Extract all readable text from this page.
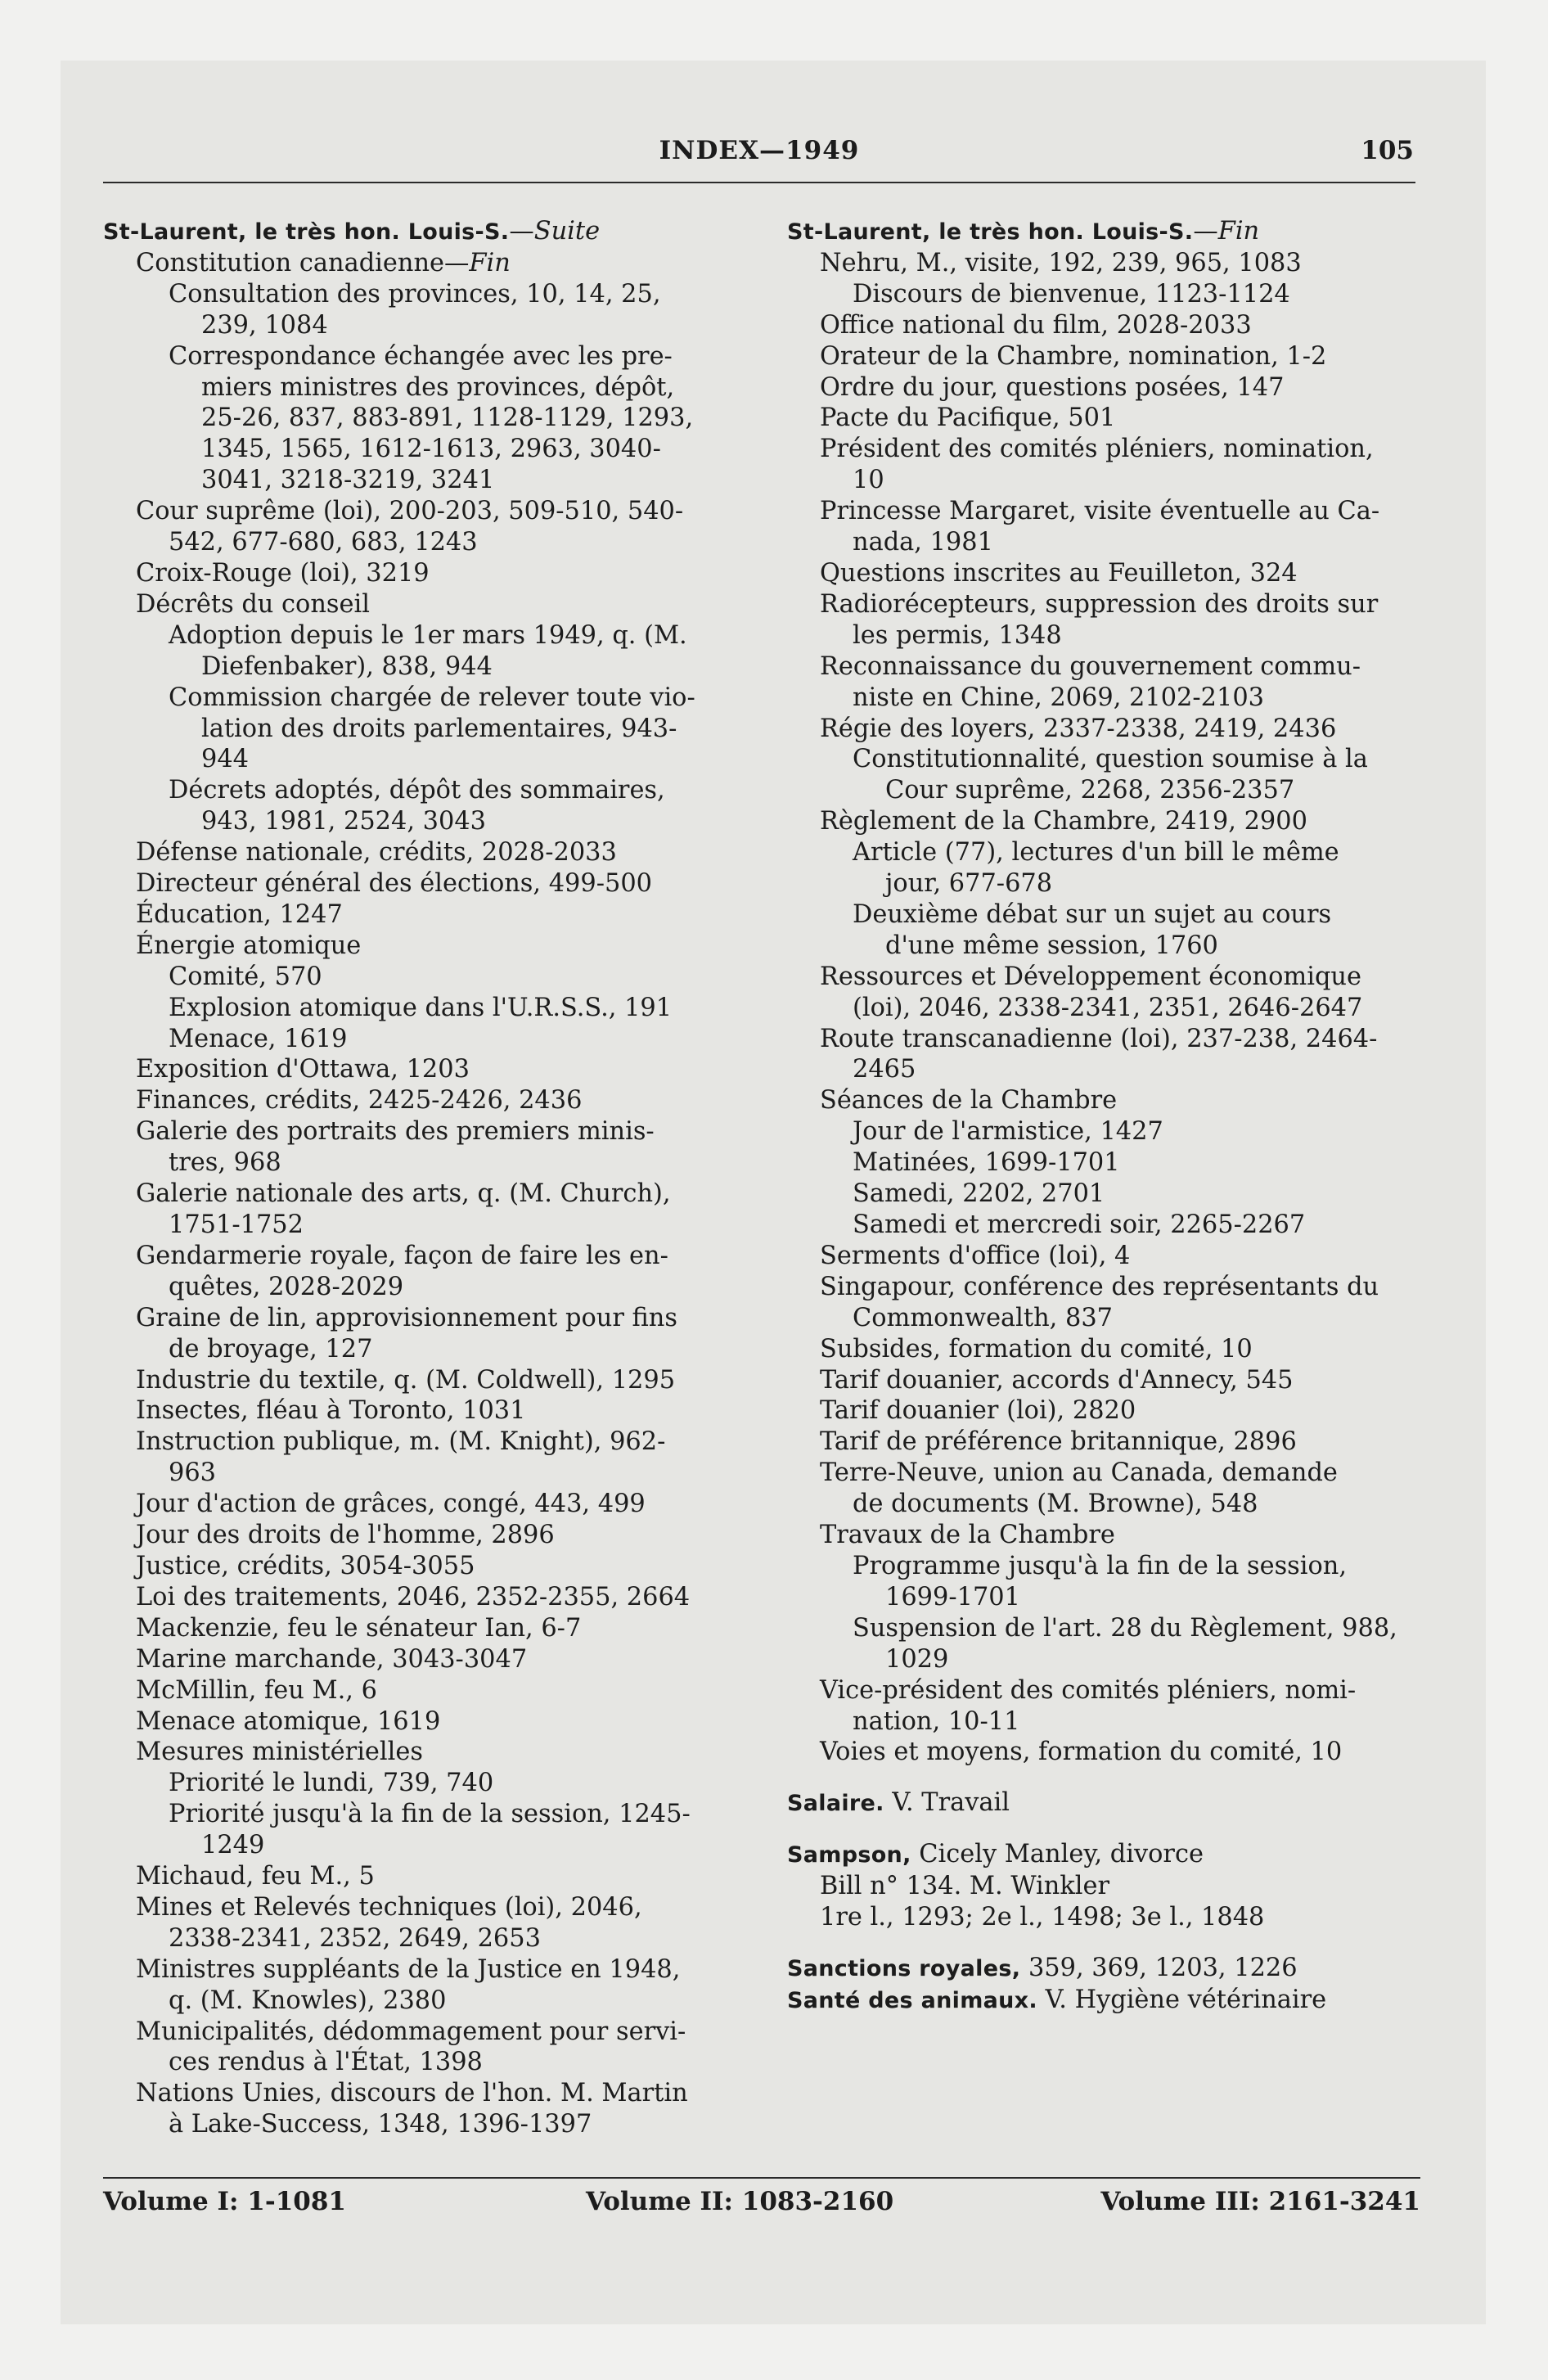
INDEX—1949	105
St-Laurent, le très hon. Louis-S.—Suite
Constitution canadienne—Fin
Consultation des provinces, 10, 14, 25,
239, 1084
Correspondance échangée avec les pre-
miers ministres des provinces, dépôt,
25-26, 837, 883-891, 1128-1129, 1293,
1345, 1565, 1612-1613, 2963, 3040-
3041, 3218-3219, 3241
Cour suprême (loi), 200-203, 509-510, 540-
542, 677-680, 683, 1243
Croix-Rouge (loi), 3219
Décrêts du conseil
Adoption depuis le 1er mars 1949, q. (M.
Diefenbaker), 838, 944
Commission chargée de relever toute vio-
lation des droits parlementaires, 943-
944
Décrets adoptés, dépôt des sommaires,
943, 1981, 2524, 3043
Défense nationale, crédits, 2028-2033
Directeur général des élections, 499-500
Éducation, 1247
Énergie atomique
Comité, 570
Explosion atomique dans l'U.R.S.S., 191
Menace, 1619
Exposition d'Ottawa, 1203
Finances, crédits, 2425-2426, 2436
Galerie des portraits des premiers minis-
tres, 968
Galerie nationale des arts, q. (M. Church),
1751-1752
Gendarmerie royale, façon de faire les en-
quêtes, 2028-2029
Graine de lin, approvisionnement pour fins
de broyage, 127
Industrie du textile, q. (M. Coldwell), 1295
Insectes, fléau à Toronto, 1031
Instruction publique, m. (M. Knight), 962-
963
Jour d'action de grâces, congé, 443, 499
Jour des droits de l'homme, 2896
Justice, crédits, 3054-3055
Loi des traitements, 2046, 2352-2355, 2664
Mackenzie, feu le sénateur Ian, 6-7
Marine marchande, 3043-3047
McMillin, feu M., 6
Menace atomique, 1619
Mesures ministérielles
Priorité le lundi, 739, 740
Priorité jusqu'à la fin de la session, 1245-
1249
Michaud, feu M., 5
Mines et Relevés techniques (loi), 2046,
2338-2341, 2352, 2649, 2653
Ministres suppléants de la Justice en 1948,
q. (M. Knowles), 2380
Municipalités, dédommagement pour servi-
ces rendus à l'État, 1398
Nations Unies, discours de l'hon. M. Martin
à Lake-Success, 1348, 1396-1397
St-Laurent, le très hon. Louis-S.—Fin
Nehru, M., visite, 192, 239, 965, 1083
Discours de bienvenue, 1123-1124
Office national du film, 2028-2033
Orateur de la Chambre, nomination, 1-2
Ordre du jour, questions posées, 147
Pacte du Pacifique, 501
Président des comités pléniers, nomination,
10
Princesse Margaret, visite éventuelle au Ca-
nada, 1981
Questions inscrites au Feuilleton, 324
Radiorécepteurs, suppression des droits sur
les permis, 1348
Reconnaissance du gouvernement commu-
niste en Chine, 2069, 2102-2103
Régie des loyers, 2337-2338, 2419, 2436
Constitutionnalité, question soumise à la
Cour suprême, 2268, 2356-2357
Règlement de la Chambre, 2419, 2900
Article (77), lectures d'un bill le même
jour, 677-678
Deuxième débat sur un sujet au cours
d'une même session, 1760
Ressources et Développement économique
(loi), 2046, 2338-2341, 2351, 2646-2647
Route transcanadienne (loi), 237-238, 2464-
2465
Séances de la Chambre
Jour de l'armistice, 1427
Matinées, 1699-1701
Samedi, 2202, 2701
Samedi et mercredi soir, 2265-2267
Serments d'office (loi), 4
Singapour, conférence des représentants du
Commonwealth, 837
Subsides, formation du comité, 10
Tarif douanier, accords d'Annecy, 545
Tarif douanier (loi), 2820
Tarif de préférence britannique, 2896
Terre-Neuve, union au Canada, demande
de documents (M. Browne), 548
Travaux de la Chambre
Programme jusqu'à la fin de la session,
1699-1701
Suspension de l'art. 28 du Règlement, 988,
1029
Vice-président des comités pléniers, nomi-
nation, 10-11
Voies et moyens, formation du comité, 10
Salaire. V. Travail
Sampson, Cicely Manley, divorce
Bill n° 134. M. Winkler
1re l., 1293; 2e l., 1498; 3e l., 1848
Sanctions royales, 359, 369, 1203, 1226
Santé des animaux. V. Hygiène vétérinaire
Volume I: 1-1081	Volume II: 1083-2160	Volume III: 2161-3241
